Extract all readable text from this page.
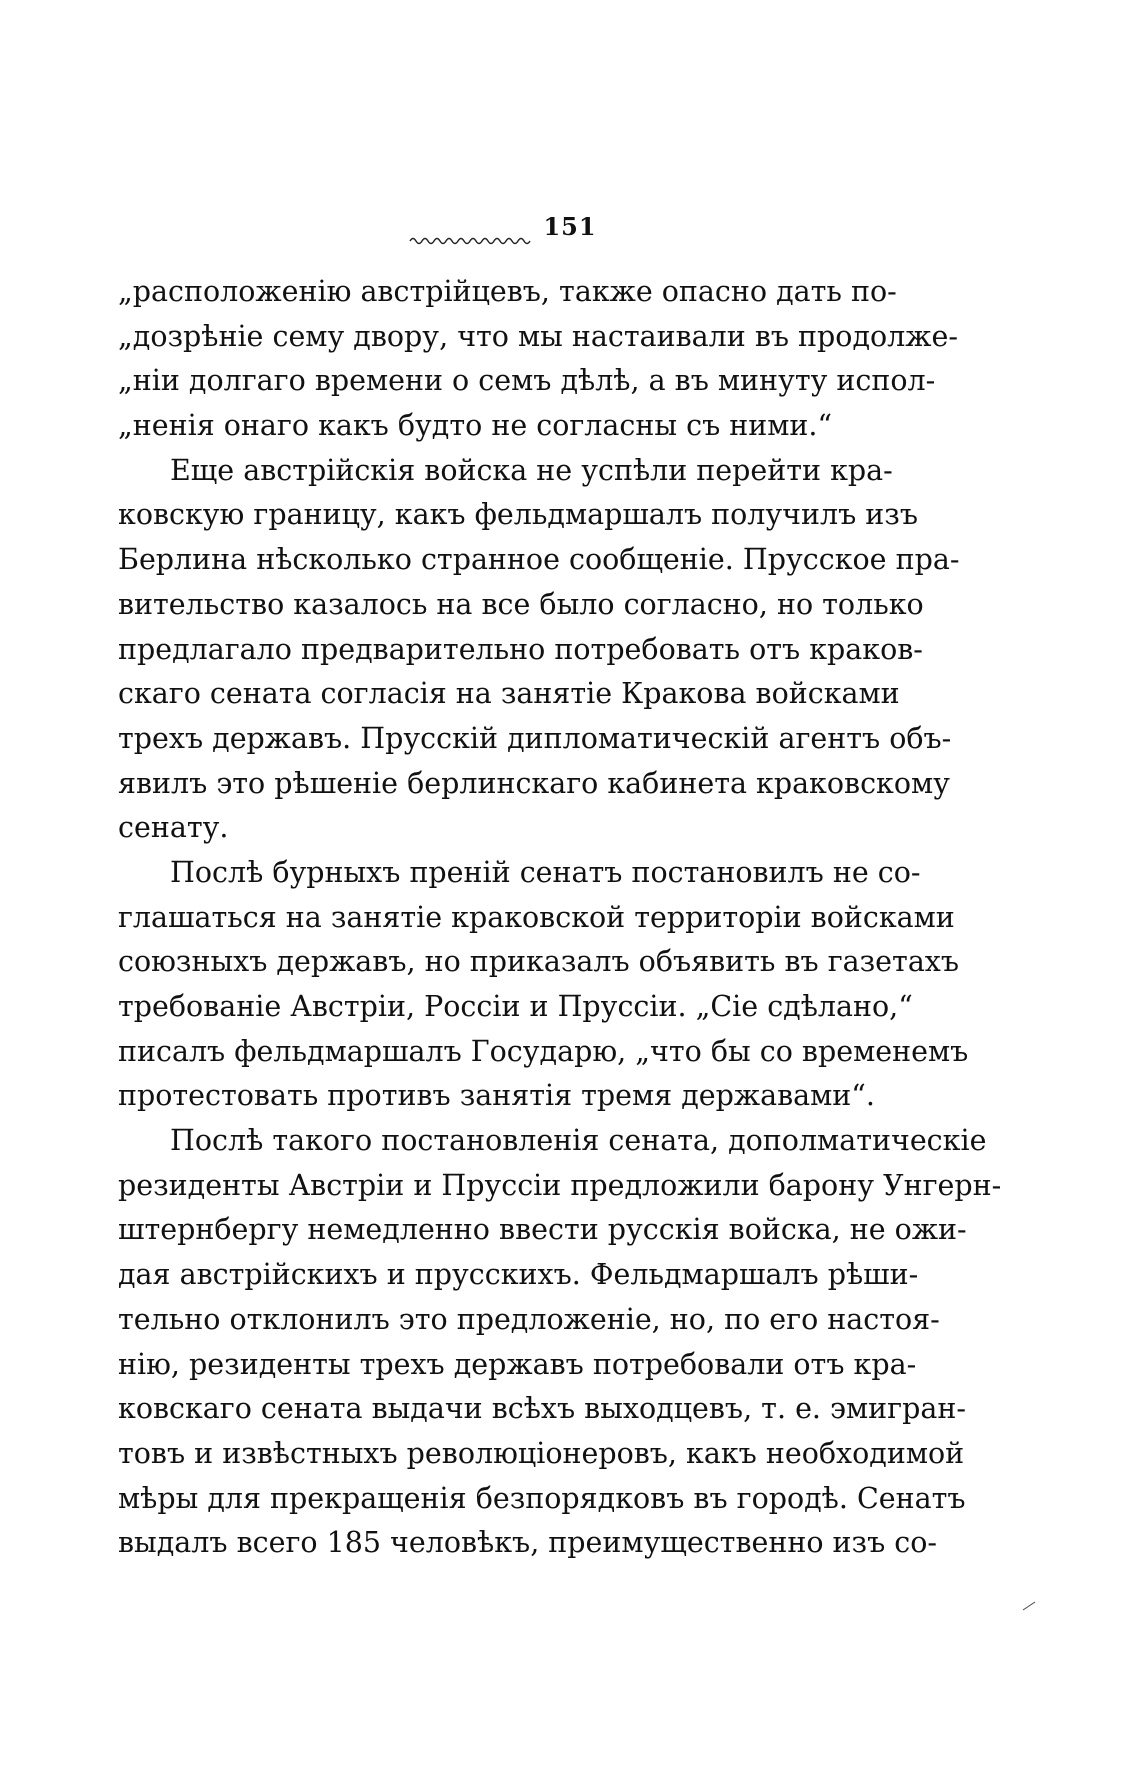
151
„расположенію австрійцевъ, также опасно дать по-
„дозрѣніе сему двору, что мы настаивали въ продолже-
„ніи долгаго времени о семъ дѣлѣ, а въ минуту испол-
„ненія онаго какъ будто не согласны съ ними.“
Еще австрійскія войска не успѣли перейти кра-
ковскую границу, какъ фельдмаршалъ получилъ изъ
Берлина нѣсколько странное сообщеніе. Прусское пра-
вительство казалось на все было согласно, но только
предлагало предварительно потребовать отъ краков-
скаго сената согласія на занятіе Кракова войсками
трехъ державъ. Прусскій дипломатическій агентъ объ-
явилъ это рѣшеніе берлинскаго кабинета краковскому
сенату.
Послѣ бурныхъ преній сенатъ постановилъ не со-
глашаться на занятіе краковской территоріи войсками
союзныхъ державъ, но приказалъ объявить въ газетахъ
требованіе Австріи, Россіи и Пруссіи. „Сіе сдѣлано,“
писалъ фельдмаршалъ Государю, „что бы со временемъ
протестовать противъ занятія тремя державами“.
Послѣ такого постановленія сената, дополматическіе
резиденты Австріи и Пруссіи предложили барону Унгерн-
штернбергу немедленно ввести русскія войска, не ожи-
дая австрійскихъ и прусскихъ. Фельдмаршалъ рѣши-
тельно отклонилъ это предложеніе, но, по его настоя-
нію, резиденты трехъ державъ потребовали отъ кра-
ковскаго сената выдачи всѣхъ выходцевъ, т. е. эмигран-
товъ и извѣстныхъ революціонеровъ, какъ необходимой
мѣры для прекращенія безпорядковъ въ городѣ. Сенатъ
выдалъ всего 185 человѣкъ, преимущественно изъ со-
